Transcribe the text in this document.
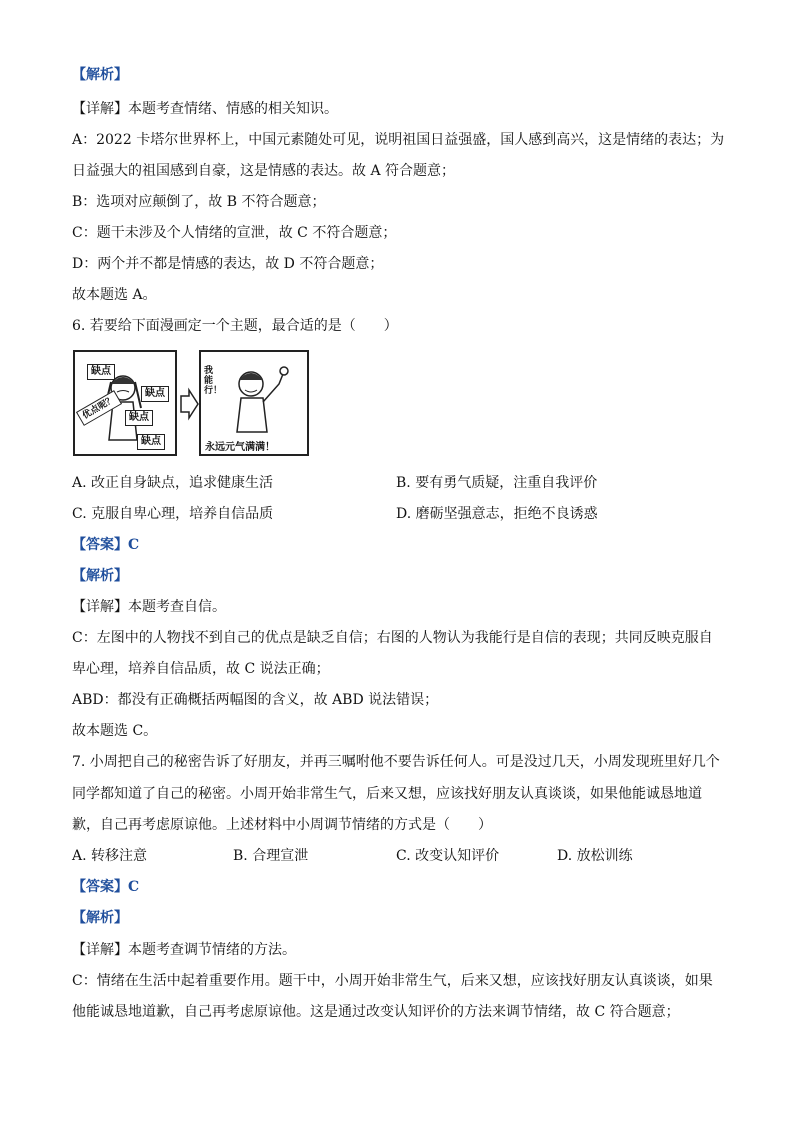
【解析】
【详解】本题考查情绪、情感的相关知识。
A：2022 卡塔尔世界杯上，中国元素随处可见，说明祖国日益强盛，国人感到高兴，这是情绪的表达；为
日益强大的祖国感到自豪，这是情感的表达。故 A 符合题意；
B：选项对应颠倒了，故 B 不符合题意；
C：题干未涉及个人情绪的宣泄，故 C 不符合题意；
D：两个并不都是情感的表达，故 D 不符合题意；
故本题选 A。
6. 若要给下面漫画定一个主题，最合适的是（　　）
缺点
优点呢？
缺点
缺点
缺点
我能行！
永远元气满满！
A. 改正自身缺点，追求健康生活	B. 要有勇气质疑，注重自我评价
C. 克服自卑心理，培养自信品质	D. 磨砺坚强意志，拒绝不良诱惑
【答案】C
【解析】
【详解】本题考查自信。
C：左图中的人物找不到自己的优点是缺乏自信；右图的人物认为我能行是自信的表现；共同反映克服自
卑心理，培养自信品质，故 C 说法正确；
ABD：都没有正确概括两幅图的含义，故 ABD 说法错误；
故本题选 C。
7. 小周把自己的秘密告诉了好朋友，并再三嘱咐他不要告诉任何人。可是没过几天，小周发现班里好几个
同学都知道了自己的秘密。小周开始非常生气，后来又想，应该找好朋友认真谈谈，如果他能诚恳地道
歉，自己再考虑原谅他。上述材料中小周调节情绪的方式是（　　）
A. 转移注意	B. 合理宣泄	C. 改变认知评价	D. 放松训练
【答案】C
【解析】
【详解】本题考查调节情绪的方法。
C：情绪在生活中起着重要作用。题干中，小周开始非常生气，后来又想，应该找好朋友认真谈谈，如果
他能诚恳地道歉，自己再考虑原谅他。这是通过改变认知评价的方法来调节情绪，故 C 符合题意；
